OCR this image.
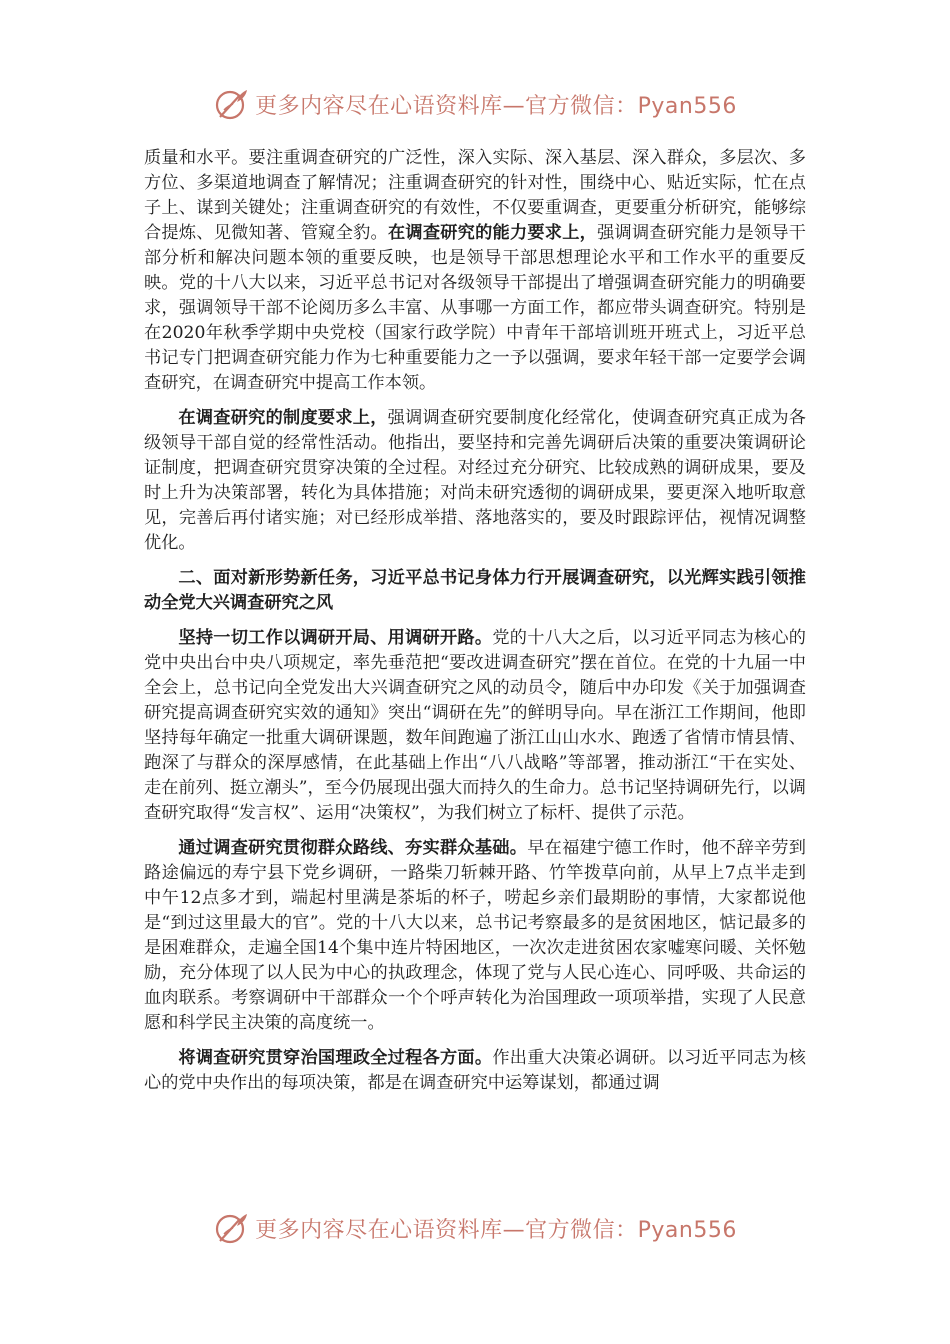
更多内容尽在心语资料库—官方微信：Pyan556

质量和水平。要注重调查研究的广泛性，深入实际、深入基层、深入群众，多层次、多方位、多渠道地调查了解情况；注重调查研究的针对性，围绕中心、贴近实际，忙在点子上、谋到关键处；注重调查研究的有效性，不仅要重调查，更要重分析研究，能够综合提炼、见微知著、管窥全豹。在调查研究的能力要求上，强调调查研究能力是领导干部分析和解决问题本领的重要反映，也是领导干部思想理论水平和工作水平的重要反映。党的十八大以来，习近平总书记对各级领导干部提出了增强调查研究能力的明确要求，强调领导干部不论阅历多么丰富、从事哪一方面工作，都应带头调查研究。特别是在2020年秋季学期中央党校（国家行政学院）中青年干部培训班开班式上，习近平总书记专门把调查研究能力作为七种重要能力之一予以强调，要求年轻干部一定要学会调查研究，在调查研究中提高工作本领。

在调查研究的制度要求上，强调调查研究要制度化经常化，使调查研究真正成为各级领导干部自觉的经常性活动。他指出，要坚持和完善先调研后决策的重要决策调研论证制度，把调查研究贯穿决策的全过程。对经过充分研究、比较成熟的调研成果，要及时上升为决策部署，转化为具体措施；对尚未研究透彻的调研成果，要更深入地听取意见，完善后再付诸实施；对已经形成举措、落地落实的，要及时跟踪评估，视情况调整优化。

二、面对新形势新任务，习近平总书记身体力行开展调查研究，以光辉实践引领推动全党大兴调查研究之风

坚持一切工作以调研开局、用调研开路。党的十八大之后，以习近平同志为核心的党中央出台中央八项规定，率先垂范把“要改进调查研究”摆在首位。在党的十九届一中全会上，总书记向全党发出大兴调查研究之风的动员令，随后中办印发《关于加强调查研究提高调查研究实效的通知》突出“调研在先”的鲜明导向。早在浙江工作期间，他即坚持每年确定一批重大调研课题，数年间跑遍了浙江山山水水、跑透了省情市情县情、跑深了与群众的深厚感情，在此基础上作出“八八战略”等部署，推动浙江“干在实处、走在前列、挺立潮头”，至今仍展现出强大而持久的生命力。总书记坚持调研先行，以调查研究取得“发言权”、运用“决策权”，为我们树立了标杆、提供了示范。

通过调查研究贯彻群众路线、夯实群众基础。早在福建宁德工作时，他不辞辛劳到路途偏远的寿宁县下党乡调研，一路柴刀斩棘开路、竹竿拨草向前，从早上7点半走到中午12点多才到，端起村里满是茶垢的杯子，唠起乡亲们最期盼的事情，大家都说他是“到过这里最大的官”。党的十八大以来，总书记考察最多的是贫困地区，惦记最多的是困难群众，走遍全国14个集中连片特困地区，一次次走进贫困农家嘘寒问暖、关怀勉励，充分体现了以人民为中心的执政理念，体现了党与人民心连心、同呼吸、共命运的血肉联系。考察调研中干部群众一个个呼声转化为治国理政一项项举措，实现了人民意愿和科学民主决策的高度统一。

将调查研究贯穿治国理政全过程各方面。作出重大决策必调研。以习近平同志为核心的党中央作出的每项决策，都是在调查研究中运筹谋划，都通过调

更多内容尽在心语资料库—官方微信：Pyan556
